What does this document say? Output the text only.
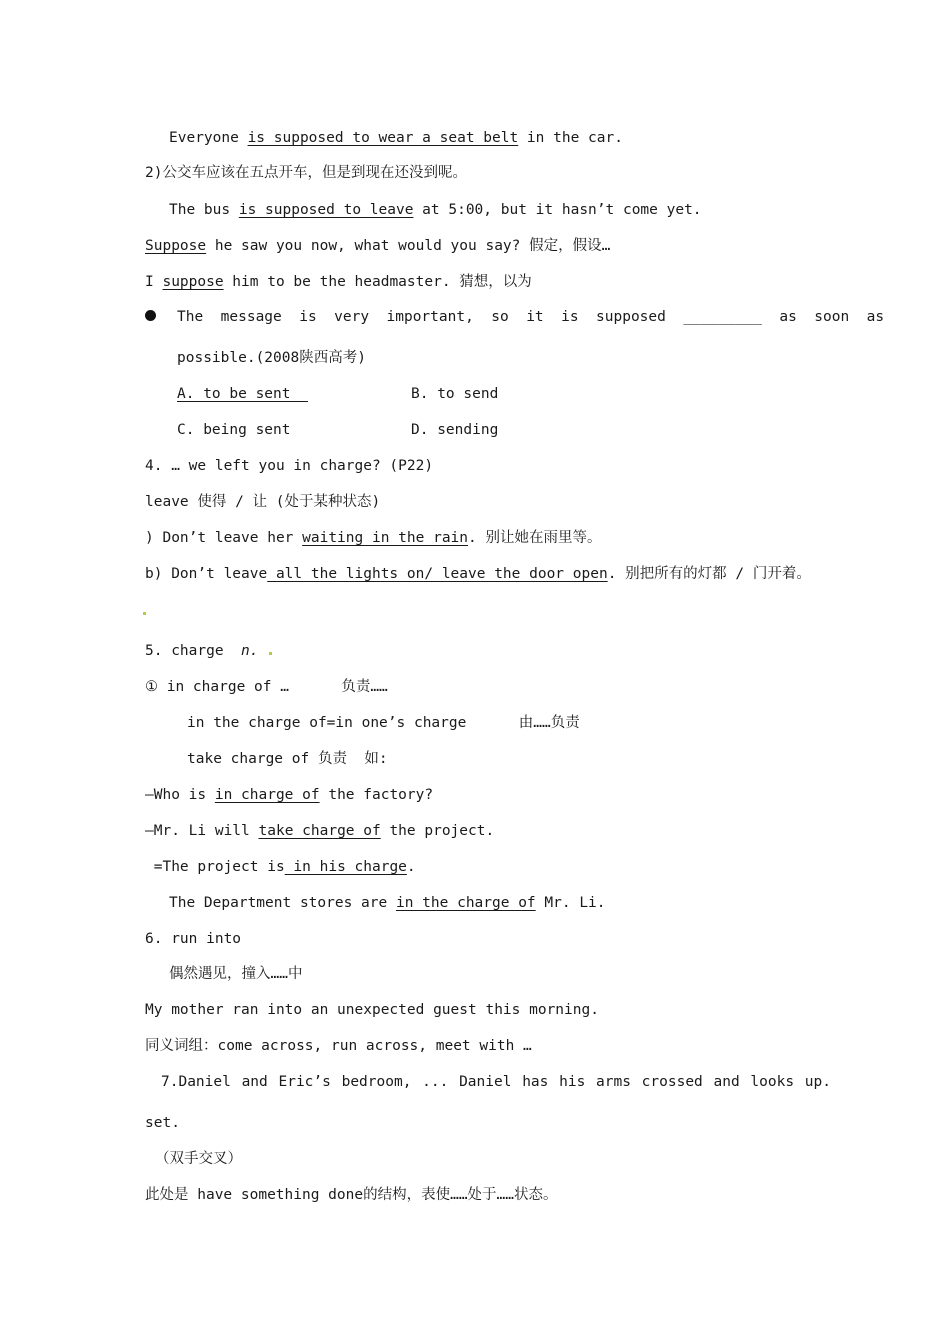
Everyone is supposed to wear a seat belt in the car.
2)公交车应该在五点开车，但是到现在还没到呢。
The bus is supposed to leave at 5:00, but it hasn’t come yet.
Suppose he saw you now, what would you say? 假定，假设…
I suppose him to be the headmaster. 猜想，以为
The  message  is  very  important,  so  it  is  supposed  _________  as  soon  as
possible.(2008陕西高考)
A. to be sent	B. to send
C. being sent	D. sending
4. … we left you in charge? (P22)
leave 使得 / 让 (处于某种状态)
) Don’t leave her waiting in the rain. 别让她在雨里等。
b) Don’t leave all the lights on/ leave the door open. 别把所有的灯都 / 门开着。
5. charge  n.
① in charge of …      负责……
in the charge of=in one’s charge      由……负责
take charge of 负责  如:
—Who is in charge of the factory?
—Mr. Li will take charge of the project.
=The project is in his charge.
The Department stores are in the charge of Mr. Li.
6. run into
偶然遇见，撞入……中
My mother ran into an unexpected guest this morning.
同义词组：come across, run across, meet with …
7.Daniel and Eric’s bedroom, ... Daniel has his arms crossed and looks up.
set.
（双手交叉）
此处是 have something done的结构，表使……处于……状态。
